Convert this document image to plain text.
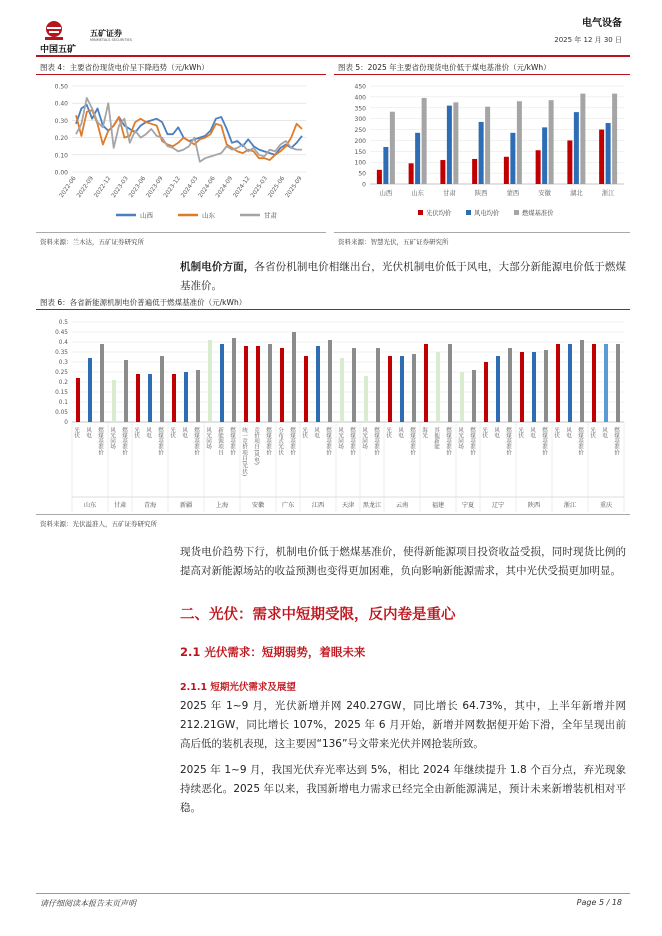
中国五矿
五矿证券
MINMETALS SECURITIES
电气设备
2025 年 12 月 30 日
图表 4：主要省份现货电价呈下降趋势（元/kWh）
0.00
0.10
0.20
0.30
0.40
0.50
2022-06
2022-09
2022-12
2023-03
2023-06
2023-09
2023-12
2024-03
2024-06
2024-09
2024-12
2025-03
2025-06
2025-09
山西	山东	甘肃
资料来源：兰木达，五矿证券研究所
图表 5：2025 年主要省份现货电价低于煤电基准价（元/kWh）
0
50
100
150
200
250
300
350
400
450
山西	山东	甘肃	陕西	蒙西	安徽	湖北	浙江
光伏均价	风电均价	燃煤基准价
资料来源：智慧光伏，五矿证券研究所
机制电价方面，各省份机制电价相继出台，光伏机制电价低于风电，大部分新能源电价低于燃煤基准价。
图表 6：各省新能源机制电价普遍低于燃煤基准价（元/kWh）
0
0.05
0.1
0.15
0.2
0.25
0.3
0.35
0.4
0.45
0.5
光伏 风电 燃煤基准价 风光同场 燃煤基准价 光伏 风电 燃煤基准价 光伏 风电 燃煤基准价 风光同场 新能源项目 燃煤基准价 统一竞价项目(光伏) 竞价项目(风电) 燃煤基准价 分布式光伏 燃煤基准价 光伏 风电 燃煤基准价 风光同场 燃煤基准价 风光同场 燃煤基准价 光伏 风电 燃煤基准价 海光 其他新能 燃煤基准价 风光同场 燃煤基准价 光伏 风电 燃煤基准价 光伏 风电 燃煤基准价 光伏 风电 燃煤基准价 光伏 风电 燃煤基准价
山东	甘肃	青海	新疆	上海	安徽	广东	江西	天津 黑龙江 云南	福建	宁夏	辽宁	陕西	浙江	重庆
资料来源：光伏溢准人，五矿证券研究所
现货电价趋势下行，机制电价低于燃煤基准价，使得新能源项目投资收益受损，同时现货比例的提高对新能源场站的收益预测也变得更加困难，负向影响新能源需求，其中光伏受损更加明显。
二、光伏：需求中短期受限，反内卷是重心
2.1 光伏需求：短期弱势，着眼未来
2.1.1 短期光伏需求及展望
2025 年 1~9 月，光伏新增并网 240.27GW，同比增长 64.73%，其中，上半年新增并网 212.21GW，同比增长 107%，2025 年 6 月开始，新增并网数据便开始下滑，全年呈现出前高后低的装机表现，这主要因“136”号文带来光伏并网抢装所致。
2025 年 1~9 月，我国光伏弃光率达到 5%，相比 2024 年继续提升 1.8 个百分点，弃光现象持续恶化。2025 年以来，我国新增电力需求已经完全由新能源满足，预计未来新增装机相对平稳。
请仔细阅读本报告末页声明	Page 5 / 18
